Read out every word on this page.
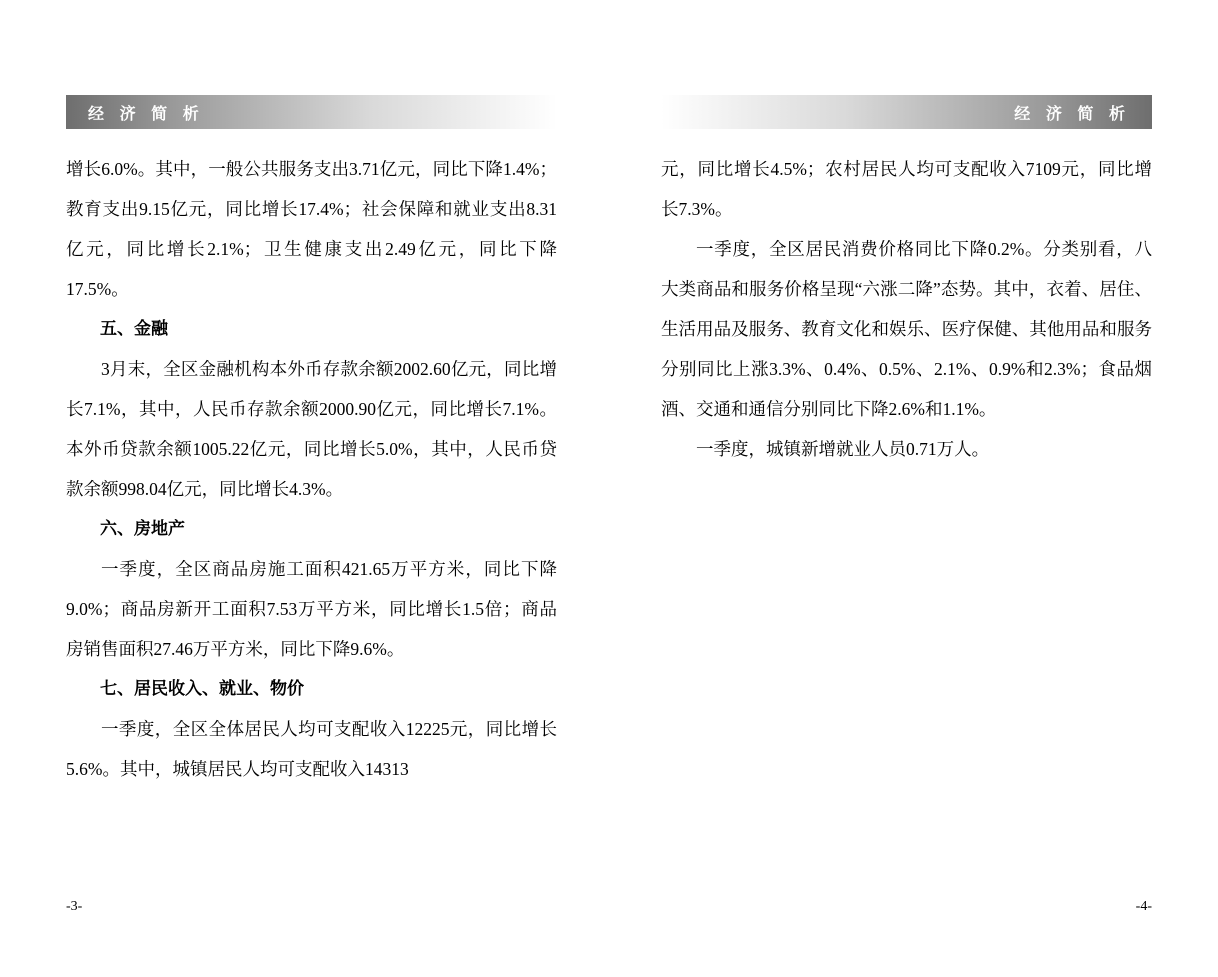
经 济 简 析

增长6.0%。其中，一般公共服务支出3.71亿元，同比下降1.4%；教育支出9.15亿元，同比增长17.4%；社会保障和就业支出8.31亿元，同比增长2.1%；卫生健康支出2.49亿元，同比下降17.5%。

五、金融

3月末，全区金融机构本外币存款余额2002.60亿元，同比增长7.1%，其中，人民币存款余额2000.90亿元，同比增长7.1%。本外币贷款余额1005.22亿元，同比增长5.0%，其中，人民币贷款余额998.04亿元，同比增长4.3%。

六、房地产

一季度，全区商品房施工面积421.65万平方米，同比下降9.0%；商品房新开工面积7.53万平方米，同比增长1.5倍；商品房销售面积27.46万平方米，同比下降9.6%。

七、居民收入、就业、物价

一季度，全区全体居民人均可支配收入12225元，同比增长5.6%。其中，城镇居民人均可支配收入14313

-3-
经 济 简 析

元，同比增长4.5%；农村居民人均可支配收入7109元，同比增长7.3%。

一季度，全区居民消费价格同比下降0.2%。分类别看，八大类商品和服务价格呈现“六涨二降”态势。其中，衣着、居住、生活用品及服务、教育文化和娱乐、医疗保健、其他用品和服务分别同比上涨3.3%、0.4%、0.5%、2.1%、0.9%和2.3%；食品烟酒、交通和通信分别同比下降2.6%和1.1%。

一季度，城镇新增就业人员0.71万人。

-4-
